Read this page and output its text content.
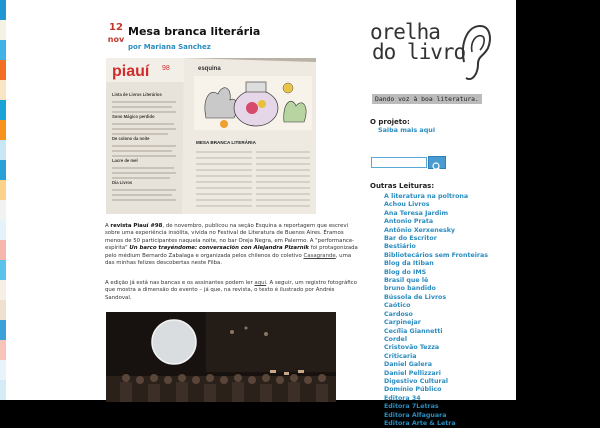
12
nov
Mesa branca literária
por Mariana Sanchez
piauí 98
Lista de Livros Literários
Sono Mágico perdido
De colono da noite
Lacre de mel
Dia Livros
esquina
MESA BRANCA LITERÁRIA

A revista Piauí #98, de novembro, publicou na seção Esquina a reportagem que escrevi sobre uma experiência insólita, vivida no Festival de Literatura de Buenos Aires. Éramos menos de 50 participantes naquela noite, no bar Oreja Negra, em Palermo. A "performance-espírita" Un barco trayéndome: conversación con Alejandra Pizarnik foi protagonizada pelo médium Bernardo Zabalaga e organizada pelos chilenos do coletivo Casagrande, uma das minhas felizes descobertas neste Filba.

A edição já está nas bancas e os assinantes podem ler aqui. A seguir, um registro fotográfico que mostra a dimensão do evento – já que, na revista, o texto é ilustrado por Andrés Sandoval.

orelha
do livro
Dando voz à boa literatura.
O projeto:
Saiba mais aqui
Outras Leituras:
A literatura na poltrona
Achou Livros
Ana Teresa Jardim
Antonio Prata
Antônio Xerxenesky
Bar do Escritor
Bestiário
Bibliotecários sem Fronteiras
Blog da Itiban
Blog do IMS
Brasil que lê
bruno bandido
Bússola de Livros
Caótico
Cardoso
Carpinejar
Cecília Giannetti
Cordel
Cristovão Tezza
Criticaria
Daniel Galera
Daniel Pellizzari
Digestivo Cultural
Domínio Público
Editora 34
Editora 7Letras
Editora Alfaguara
Editora Arte & Letra
